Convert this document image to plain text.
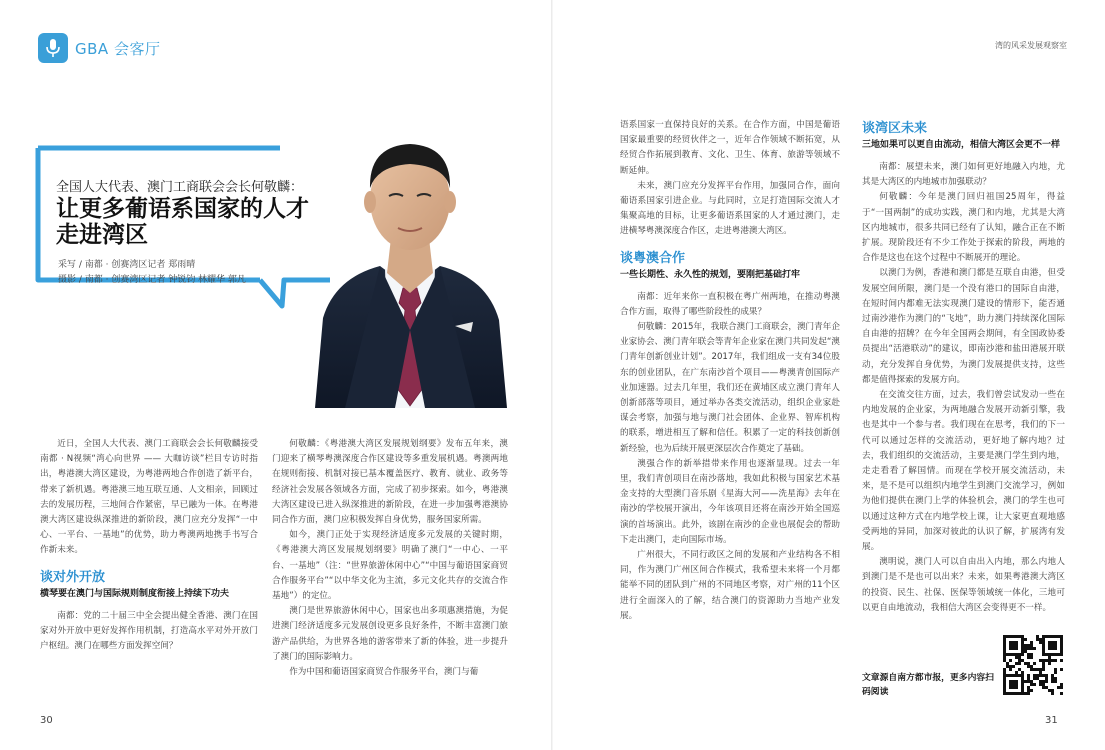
GBA 会客厅	湾的风采发展观察室
全国人大代表、澳门工商联会会长何敬麟：
让更多葡语系国家的人才
走进湾区
采写 / 南都 · 创赛湾区记者 郑雨晴
摄影 / 南都 · 创赛湾区记者 钟锐钧 林耀华 郭凡

近日，全国人大代表、澳门工商联会会长何敬麟接受南都 · N视频“湾心向世界 —— 大咖访谈”栏目专访时指出，粤港澳大湾区建设，为粤港两地合作创造了新平台，带来了新机遇。粤港澳三地互联互通、人文相亲，回顾过去的发展历程，三地间合作紧密，早已融为一体。在粤港澳大湾区建设纵深推进的新阶段，澳门应充分发挥“一中心、一平台、一基地”的优势，助力粤澳两地携手书写合作新未来。

谈对外开放
横琴要在澳门与国际规则制度衔接上持续下功夫

南都：党的二十届三中全会提出健全香港、澳门在国家对外开放中更好发挥作用机制，打造高水平对外开放门户枢纽。澳门在哪些方面发挥空间？

何敬麟：《粤港澳大湾区发展规划纲要》发布五年来，澳门迎来了横琴粤澳深度合作区建设等多重发展机遇。粤澳两地在规则衔接、机制对接已基本覆盖医疗、教育、就业、政务等经济社会发展各领域各方面，完成了初步探索。如今，粤港澳大湾区建设已进入纵深推进的新阶段，在进一步加强粤港澳协同合作方面，澳门应积极发挥自身优势，服务国家所需。

如今，澳门正处于实现经济适度多元发展的关键时期，《粤港澳大湾区发展规划纲要》明确了澳门“一中心、一平台、一基地”（注：“世界旅游休闲中心”“中国与葡语国家商贸合作服务平台”“以中华文化为主流，多元文化共存的交流合作基地”）的定位。

澳门是世界旅游休闲中心，国家也出多项惠澳措施，为促进澳门经济适度多元发展创设更多良好条件，不断丰富澳门旅游产品供给，为世界各地的游客带来了新的体验，进一步提升了澳门的国际影响力。

作为中国和葡语国家商贸合作服务平台，澳门与葡

30

语系国家一直保持良好的关系。在合作方面，中国是葡语国家最重要的经贸伙伴之一，近年合作领域不断拓宽，从经贸合作拓展到教育、文化、卫生、体育、旅游等领域不断延伸。

未来，澳门应充分发挥平台作用，加强同合作，面向葡语系国家引进企业。与此同时，立足打造国际交流人才集聚高地的目标，让更多葡语系国家的人才通过澳门，走进横琴粤澳深度合作区，走进粤港澳大湾区。

谈粤澳合作
一些长期性、永久性的规划，要刚把基础打牢

南都：近年来你一直积极在粤广州两地，在推动粤澳合作方面，取得了哪些阶段性的成果？

何敬麟：2015年，我联合澳门工商联会，澳门青年企业家协会、澳门青年联会等青年企业家在澳门共同发起“澳门青年创新创业计划”。2017年，我们组成一支有34位股东的创业团队，在广东南沙首个项目——粤澳青创国际产业加速器。过去几年里，我们还在黄埔区成立澳门青年人创新部落等项目，通过举办各类交流活动，组织企业家赴谋会考察，加强与地与澳门社会团体、企业界、智库机构的联系，增进相互了解和信任。积累了一定的科技创新创新经验，也为后续开展更深层次合作奠定了基础。

澳强合作的新举措带来作用也逐渐显现。过去一年里，我们青创项目在南沙落地，我如此积极与国家艺术基金支持的大型澳门音乐剧《星海大河——洗星海》去年在南沙的学校展开演出，今年该项目还将在南沙开始全国巡演的首场演出。此外，该剧在南沙的企业也展促会的帮助下走出澳门，走向国际市场。

广州很大，不同行政区之间的发展和产业结构各不相同，作为澳门广州区间合作模式，我希望未来将一个月都能举不同的团队到广州的不同地区考察，对广州的11个区进行全面深入的了解，结合澳门的资源助力当地产业发展。

谈湾区未来
三地如果可以更自由流动，相信大湾区会更不一样

南都：展望未来，澳门如何更好地融入内地，尤其是大湾区的内地城市加强联动？

何敬麟：今年是澳门回归祖国25周年，得益于“一国两制”的成功实践，澳门和内地，尤其是大湾区内地城市，很多共同已经有了认知，融合正在不断扩展。现阶段还有不少工作处于探索的阶段，两地的合作是这也在这个过程中不断展开的理论。

以澳门为例，香港和澳门都是互联自由港，但受发展空间所限，澳门是一个没有港口的国际自由港，在短时间内都难无法实现澳门建设的情形下，能否通过南沙港作为澳门的“飞地”，助力澳门持续深化国际自由港的招牌？在今年全国两会期间，有全国政协委员提出“活港联动”的建议，即南沙港和盐田港展开联动，充分发挥自身优势，为澳门发展提供支持，这些都是值得探索的发展方向。

在交流交往方面，过去，我们曾尝试发动一些在内地发展的企业家，为两地融合发展开动新引擎，我也是其中一个参与者。我们现在在思考，我们的下一代可以通过怎样的交流活动，更好地了解内地？过去，我们组织的交流活动，主要是澳门学生到内地，走走看看了解国情。而现在学校开展交流活动，未来，是不是可以组织内地学生到澳门交流学习，例如为他们提供在澳门上学的体验机会，澳门的学生也可以通过这种方式在内地学校上课，让大家更直观地感受两地的异同，加深对彼此的认识了解，扩展湾有发展。

澳明说，澳门人可以自由出入内地，那么内地人到澳门是不是也可以出来？未来，如果粤港澳大湾区的投资、民生、社保、医保等领域统一体化，三地可以更自由地流动，我相信大湾区会变得更不一样。

文章源自南方都市报，更多内容扫码阅读
31
